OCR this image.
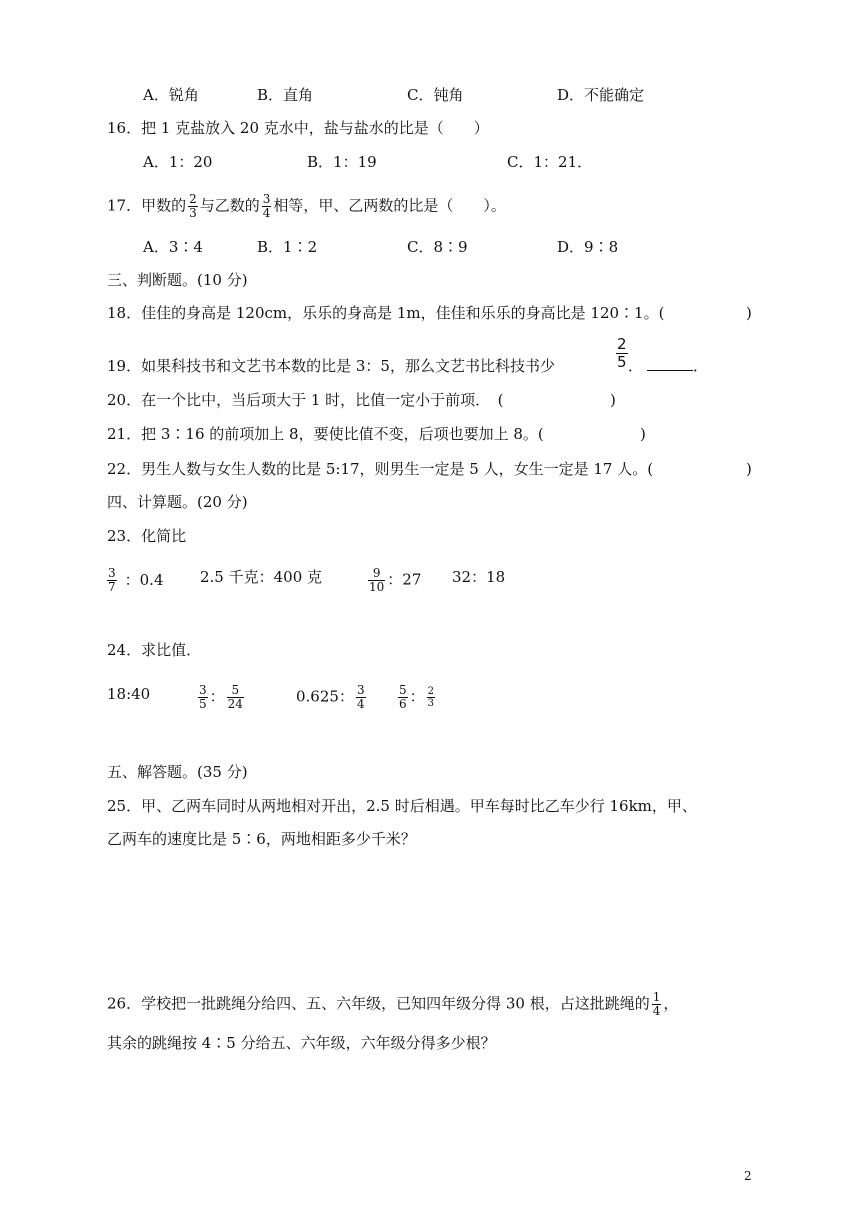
A．锐角	B．直角	C．钝角	D．不能确定
16．把 1 克盐放入 20 克水中，盐与盐水的比是（　　）
A．1：20	B．1：19	C．1：21．
17．甲数的 $\frac{2}{3}$ 与乙数的 $\frac{3}{4}$ 相等，甲、乙两数的比是（　　）。
A．3∶4	B．1∶2	C．8∶9	D．9∶8
三、判断题。(10 分)
18．佳佳的身高是 120cm，乐乐的身高是 1m，佳佳和乐乐的身高比是 120∶1。(	)
19．如果科技书和文艺书本数的比是 3：5，那么文艺书比科技书少	$\frac{2}{5}$ ．	．
20．在一个比中，当后项大于 1 时，比值一定小于前项．　(	)
21．把 3∶16 的前项加上 8，要使比值不变，后项也要加上 8。(	)
22．男生人数与女生人数的比是 5:17，则男生一定是 5 人，女生一定是 17 人。(	)
四、计算题。(20 分)
23．化简比
$\frac{3}{7}$ ：0.4 2.5 千克：400 克	$\frac{9}{10}$ ：27 32：18
24．求比值．
18:40	$\frac{3}{5}$ ： $\frac{5}{24}$	0.625： $\frac{3}{4}$	$\frac{5}{6}$ ： $\frac{2}{3}$
五、解答题。(35 分)
25．甲、乙两车同时从两地相对开出，2.5 时后相遇。甲车每时比乙车少行 16km，甲、
乙两车的速度比是 5∶6，两地相距多少千米？
26．学校把一批跳绳分给四、五、六年级，已知四年级分得 30 根，占这批跳绳的 $\frac{1}{4}$ ，
其余的跳绳按 4∶5 分给五、六年级，六年级分得多少根？
2
